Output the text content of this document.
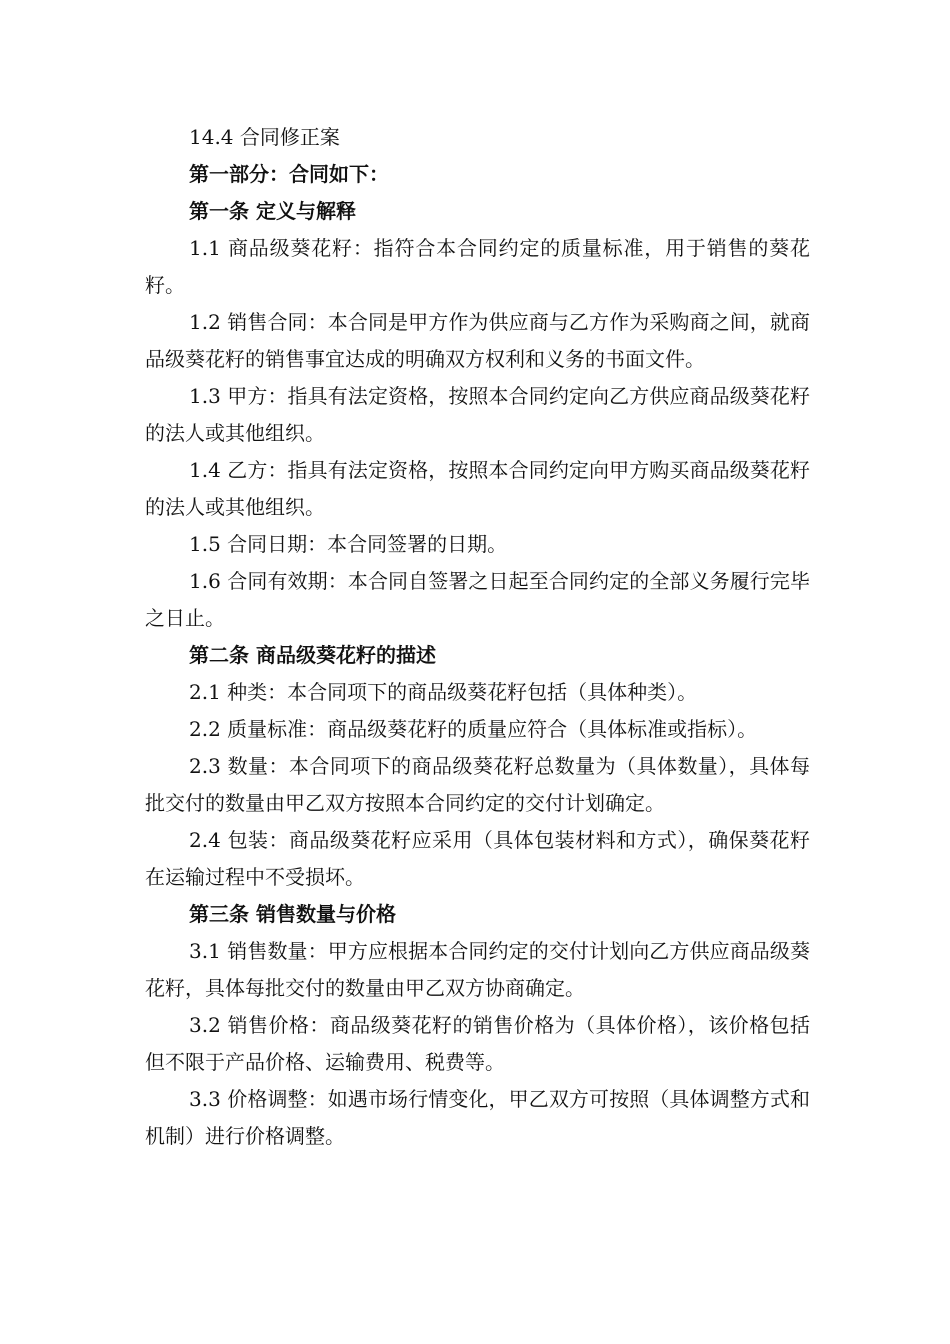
14.4 合同修正案

第一部分：合同如下：
第一条 定义与解释

1.1 商品级葵花籽：指符合本合同约定的质量标准，用于销售的葵花籽。

1.2 销售合同：本合同是甲方作为供应商与乙方作为采购商之间，就商品级葵花籽的销售事宜达成的明确双方权利和义务的书面文件。

1.3 甲方：指具有法定资格，按照本合同约定向乙方供应商品级葵花籽的法人或其他组织。

1.4 乙方：指具有法定资格，按照本合同约定向甲方购买商品级葵花籽的法人或其他组织。

1.5 合同日期：本合同签署的日期。

1.6 合同有效期：本合同自签署之日起至合同约定的全部义务履行完毕之日止。

第二条 商品级葵花籽的描述

2.1 种类：本合同项下的商品级葵花籽包括（具体种类）。

2.2 质量标准：商品级葵花籽的质量应符合（具体标准或指标）。

2.3 数量：本合同项下的商品级葵花籽总数量为（具体数量），具体每批交付的数量由甲乙双方按照本合同约定的交付计划确定。

2.4 包装：商品级葵花籽应采用（具体包装材料和方式），确保葵花籽在运输过程中不受损坏。

第三条 销售数量与价格

3.1 销售数量：甲方应根据本合同约定的交付计划向乙方供应商品级葵花籽，具体每批交付的数量由甲乙双方协商确定。

3.2 销售价格：商品级葵花籽的销售价格为（具体价格），该价格包括但不限于产品价格、运输费用、税费等。

3.3 价格调整：如遇市场行情变化，甲乙双方可按照（具体调整方式和机制）进行价格调整。
